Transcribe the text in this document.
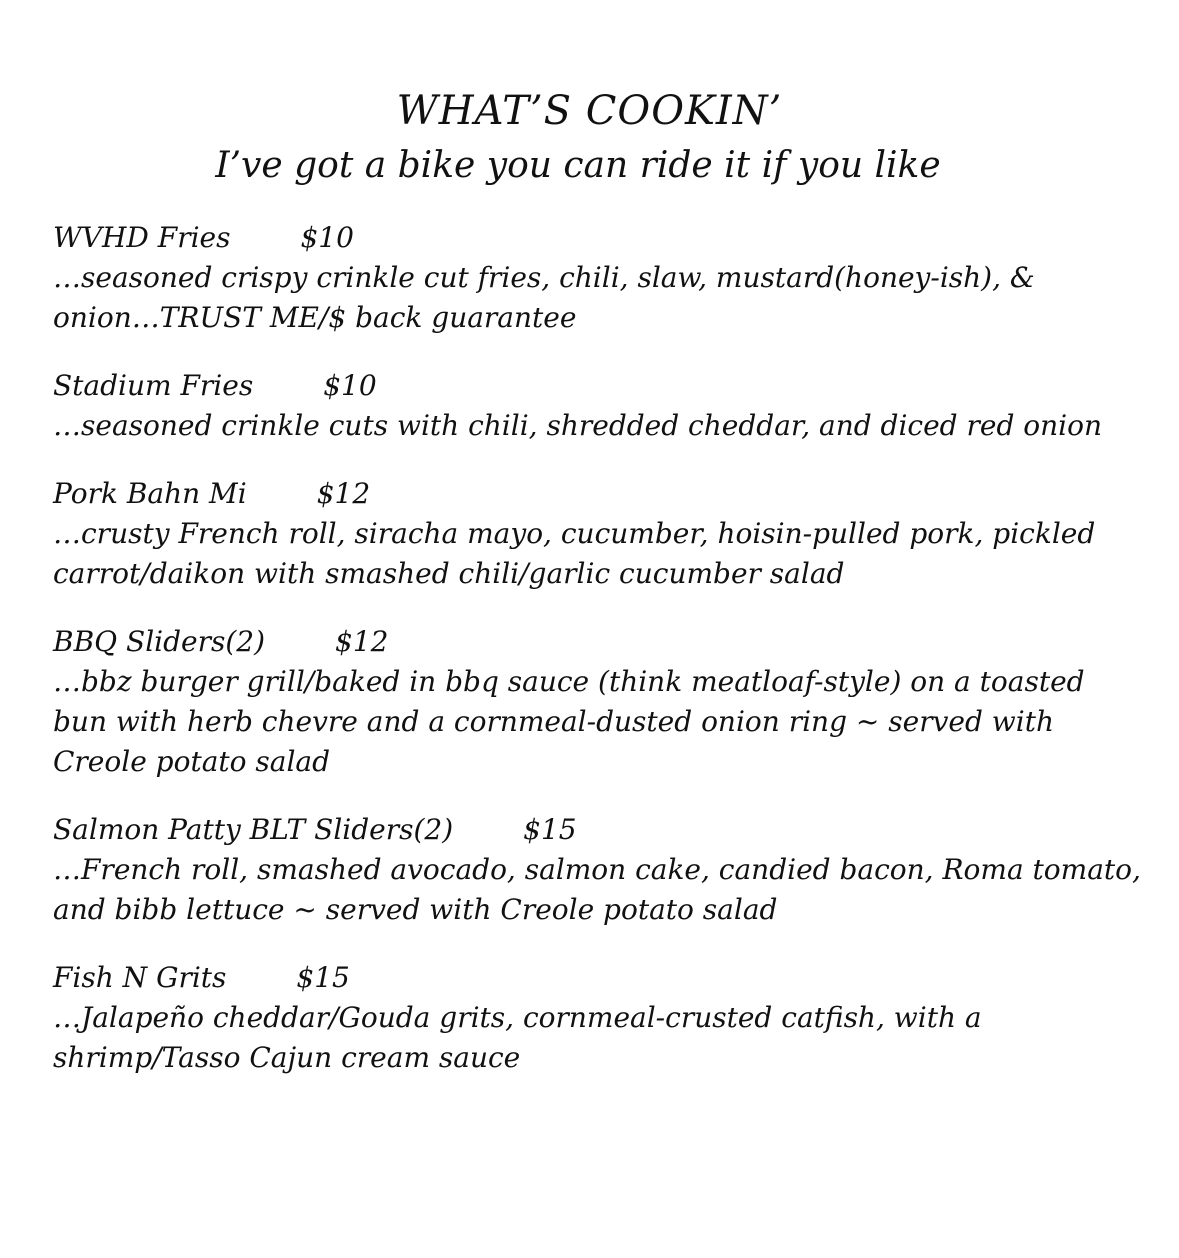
WHAT’S COOKIN’
I’ve got a bike you can ride it if you like
WVHD Fries	$10

…seasoned crispy crinkle cut fries, chili, slaw, mustard(honey-ish), & onion…TRUST ME/$ back guarantee

Stadium Fries	$10

…seasoned crinkle cuts with chili, shredded cheddar, and diced red onion

Pork Bahn Mi	$12

…crusty French roll, siracha mayo, cucumber, hoisin-pulled pork, pickled carrot/daikon with smashed chili/garlic cucumber salad

BBQ Sliders(2)	$12

…bbz burger grill/baked in bbq sauce (think meatloaf-style) on a toasted bun with herb chevre and a cornmeal-dusted onion ring ~ served with Creole potato salad

Salmon Patty BLT Sliders(2)	$15

…French roll, smashed avocado, salmon cake, candied bacon, Roma tomato, and bibb lettuce ~ served with Creole potato salad

Fish N Grits	$15

…Jalapeño cheddar/Gouda grits, cornmeal-crusted catfish, with a shrimp/Tasso Cajun cream sauce
